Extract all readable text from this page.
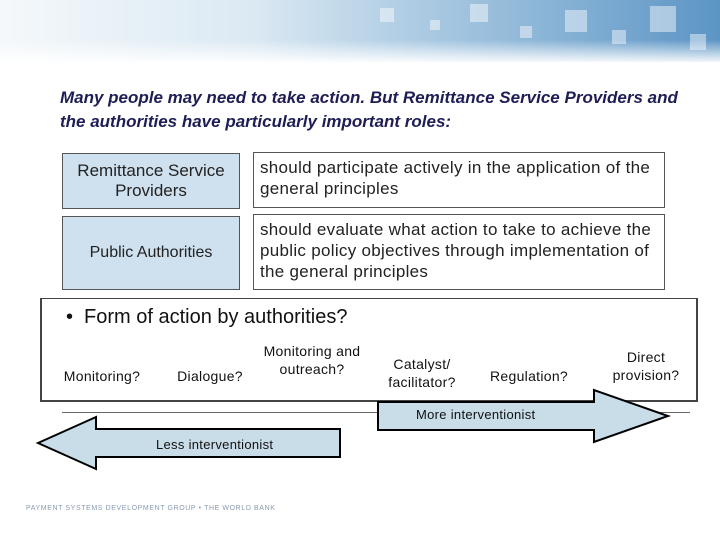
Many people may need to take action. But Remittance Service Providers and the authorities have particularly important roles:
Remittance Service Providers
should participate actively in the application of the general principles
Public Authorities
should evaluate what action to take to achieve the public policy objectives through implementation of the general principles
• Form of action by authorities?
Monitoring?	Dialogue?
Monitoring and outreach?	Catalyst/ facilitator?	Regulation?
Direct provision?
Less interventionist
More interventionist
PAYMENT SYSTEMS DEVELOPMENT GROUP • THE WORLD BANK
